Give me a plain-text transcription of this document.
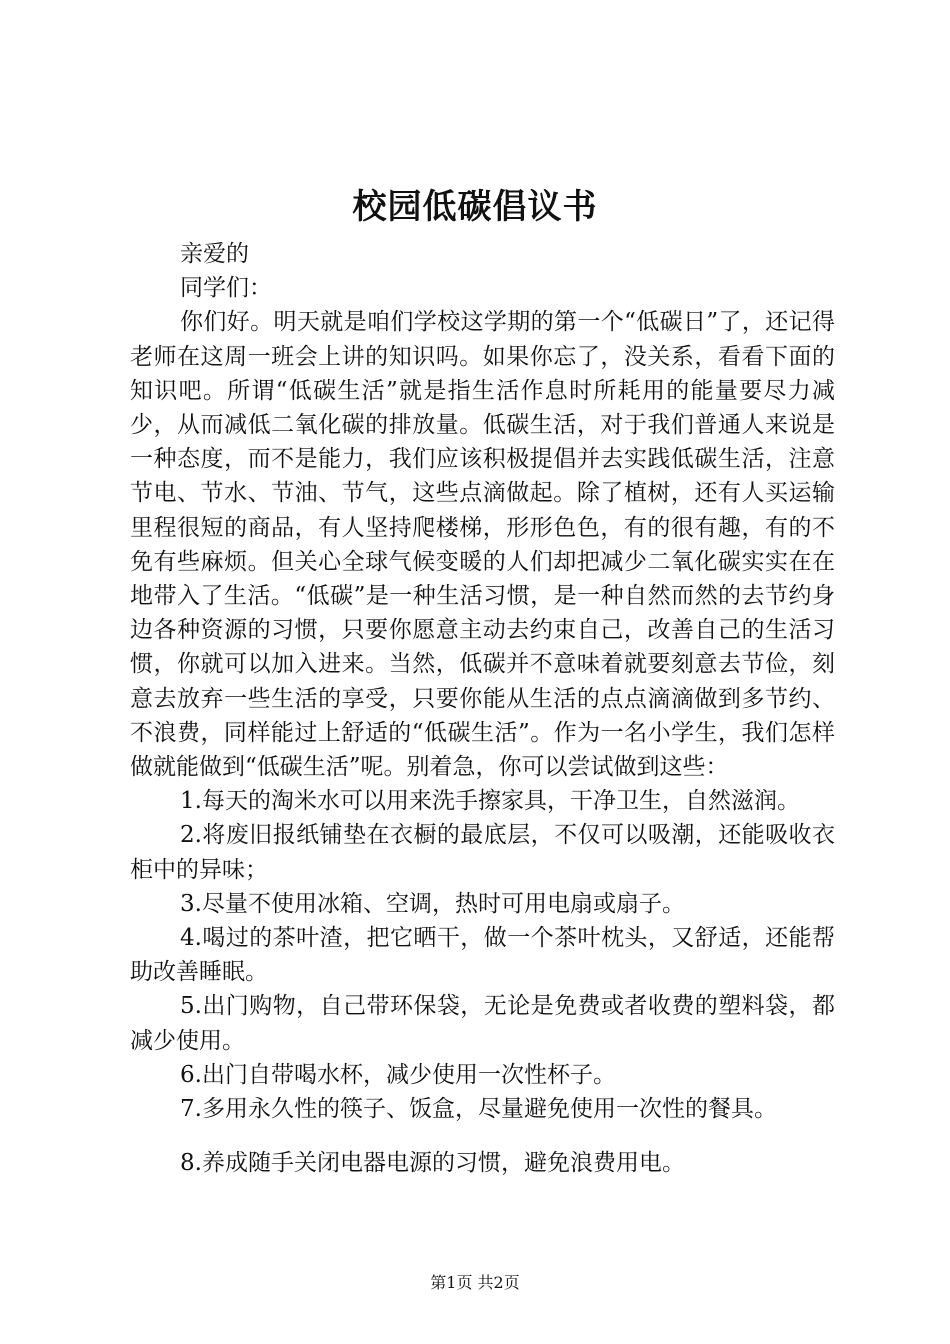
校园低碳倡议书

亲爱的

同学们：

你们好。明天就是咱们学校这学期的第一个“低碳日”了，还记得老师在这周一班会上讲的知识吗。如果你忘了，没关系，看看下面的知识吧。所谓“低碳生活”就是指生活作息时所耗用的能量要尽力减少，从而减低二氧化碳的排放量。低碳生活，对于我们普通人来说是一种态度，而不是能力，我们应该积极提倡并去实践低碳生活，注意节电、节水、节油、节气，这些点滴做起。除了植树，还有人买运输里程很短的商品，有人坚持爬楼梯，形形色色，有的很有趣，有的不免有些麻烦。但关心全球气候变暖的人们却把减少二氧化碳实实在在地带入了生活。“低碳”是一种生活习惯，是一种自然而然的去节约身边各种资源的习惯，只要你愿意主动去约束自己，改善自己的生活习惯，你就可以加入进来。当然，低碳并不意味着就要刻意去节俭，刻意去放弃一些生活的享受，只要你能从生活的点点滴滴做到多节约、不浪费，同样能过上舒适的“低碳生活”。作为一名小学生，我们怎样做就能做到“低碳生活”呢。别着急，你可以尝试做到这些：

1.每天的淘米水可以用来洗手擦家具，干净卫生，自然滋润。

2.将废旧报纸铺垫在衣橱的最底层，不仅可以吸潮，还能吸收衣柜中的异味；

3.尽量不使用冰箱、空调，热时可用电扇或扇子。

4.喝过的茶叶渣，把它晒干，做一个茶叶枕头，又舒适，还能帮助改善睡眠。

5.出门购物，自己带环保袋，无论是免费或者收费的塑料袋，都减少使用。

6.出门自带喝水杯，减少使用一次性杯子。

7.多用永久性的筷子、饭盒，尽量避免使用一次性的餐具。

8.养成随手关闭电器电源的习惯，避免浪费用电。

第1页 共2页
